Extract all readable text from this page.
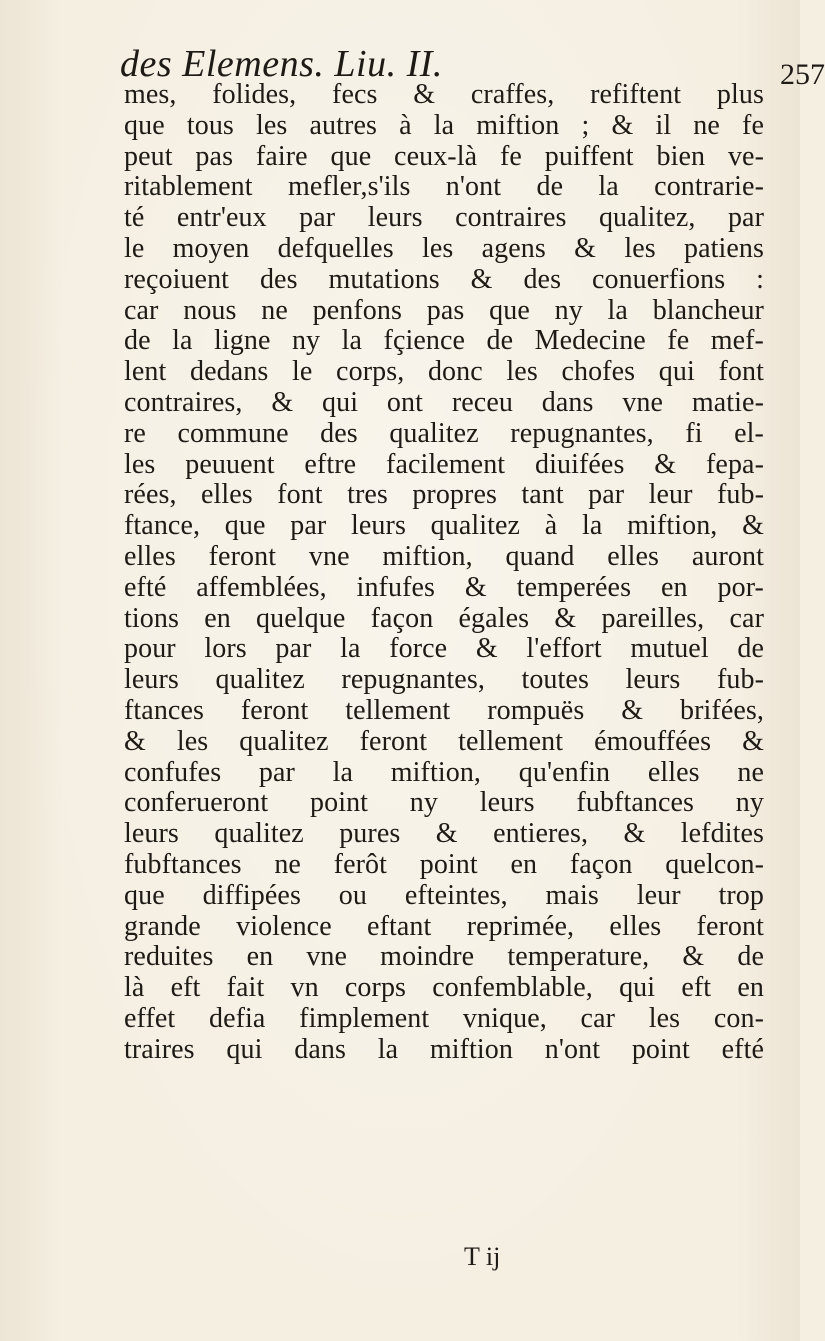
des Elemens. Liu. II.	257
mes, folides, fecs & craffes, refiftent plus
que tous les autres à la miftion ; & il ne fe
peut pas faire que ceux-là fe puiffent bien ve-
ritablement mefler,s'ils n'ont de la contrarie-
té entr'eux par leurs contraires qualitez, par
le moyen defquelles les agens & les patiens
reçoiuent des mutations & des conuerfions :
car nous ne penfons pas que ny la blancheur
de la ligne ny la fçience de Medecine fe mef-
lent dedans le corps, donc les chofes qui font
contraires, & qui ont receu dans vne matie-
re commune des qualitez repugnantes, fi el-
les peuuent eftre facilement diuifées & fepa-
rées, elles font tres propres tant par leur fub-
ftance, que par leurs qualitez à la miftion, &
elles feront vne miftion, quand elles auront
efté affemblées, infufes & temperées en por-
tions en quelque façon égales & pareilles, car
pour lors par la force & l'effort mutuel de
leurs qualitez repugnantes, toutes leurs fub-
ftances feront tellement rompuës & brifées,
& les qualitez feront tellement émouffées &
confufes par la miftion, qu'enfin elles ne
conferueront point ny leurs fubftances ny
leurs qualitez pures & entieres, & lefdites
fubftances ne ferôt point en façon quelcon-
que diffipées ou efteintes, mais leur trop
grande violence eftant reprimée, elles feront
reduites en vne moindre temperature, & de
là eft fait vn corps confemblable, qui eft en
effet defia fimplement vnique, car les con-
traires qui dans la miftion n'ont point efté
T ij
